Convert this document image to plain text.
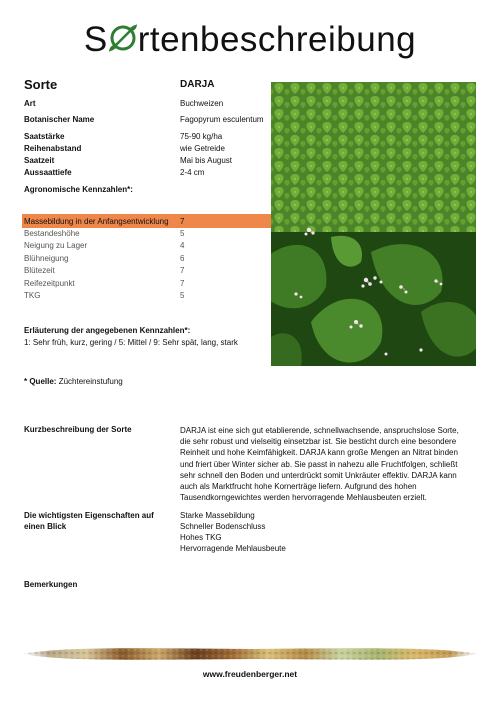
S rtenbeschreibung
Sorte	DARJA
Art	Buchweizen
Botanischer Name	Fagopyrum esculentum
Saatstärke	75-90 kg/ha
Reihenabstand	wie Getreide
Saatzeit	Mai bis August
Aussaattiefe	2-4 cm
Agronomische Kennzahlen*:
Massebildung in der Anfangsentwicklung 7
Bestandeshöhe	5
Neigung zu Lager	4
Blühneigung	6
Blütezeit	7
Reifezeitpunkt	7
TKG	5
Erläuterung der angegebenen Kennzahlen*:
1: Sehr früh, kurz, gering / 5: Mittel / 9: Sehr spät, lang, stark
* Quelle: Züchtereinstufung
Kurzbeschreibung der Sorte	DARJA ist eine sich gut etablierende, schnellwachsende, anspruchslose Sorte,
die sehr robust und vielseitig einsetzbar ist. Sie besticht durch eine besondere
Reinheit und hohe Keimfähigkeit. DARJA kann große Mengen an Nitrat binden
und friert über Winter sicher ab. Sie passt in nahezu alle Fruchtfolgen, schließt
sehr schnell den Boden und unterdrückt somit Unkräuter effektiv. DARJA kann
auch als Marktfrucht hohe Kornerträge liefern. Aufgrund des hohen
Tausendkorngewichtes werden hervorragende Mehlausbeuten erzielt.
Die wichtigsten Eigenschaften auf
einen Blick
Starke Massebildung
Schneller Bodenschluss
Hohes TKG
Hervorragende Mehlausbeute
Bemerkungen
www.freudenberger.net
